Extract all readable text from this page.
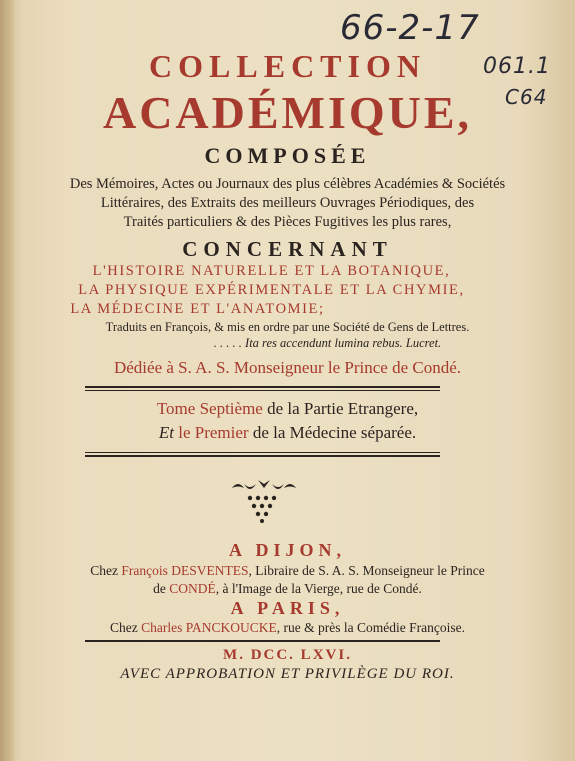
66-2-17
061.1
C64
COLLECTION
ACADÉMIQUE,
COMPOSÉE
Des Mémoires, Actes ou Journaux des plus célèbres Académies & Sociétés
Littéraires, des Extraits des meilleurs Ouvrages Périodiques, des
Traités particuliers & des Pièces Fugitives les plus rares,
CONCERNANT
L'HISTOIRE NATURELLE ET LA BOTANIQUE,
LA PHYSIQUE EXPÉRIMENTALE ET LA CHYMIE,
LA MÉDECINE ET L'ANATOMIE;
Traduits en François, & mis en ordre par une Société de Gens de Lettres.
. . . . . Ita res accendunt lumina rebus. Lucret.
Dédiée à S. A. S. Monseigneur le Prince de Condé.
Tome Septième de la Partie Etrangere,
Et le Premier de la Médecine séparée.
A DIJON,
Chez François DESVENTES, Libraire de S. A. S. Monseigneur le Prince
de CONDÉ, à l'Image de la Vierge, rue de Condé.
A PARIS,
Chez Charles PANCKOUCKE, rue & près la Comédie Françoise.
M. DCC. LXVI.
AVEC APPROBATION ET PRIVILÈGE DU ROI.
